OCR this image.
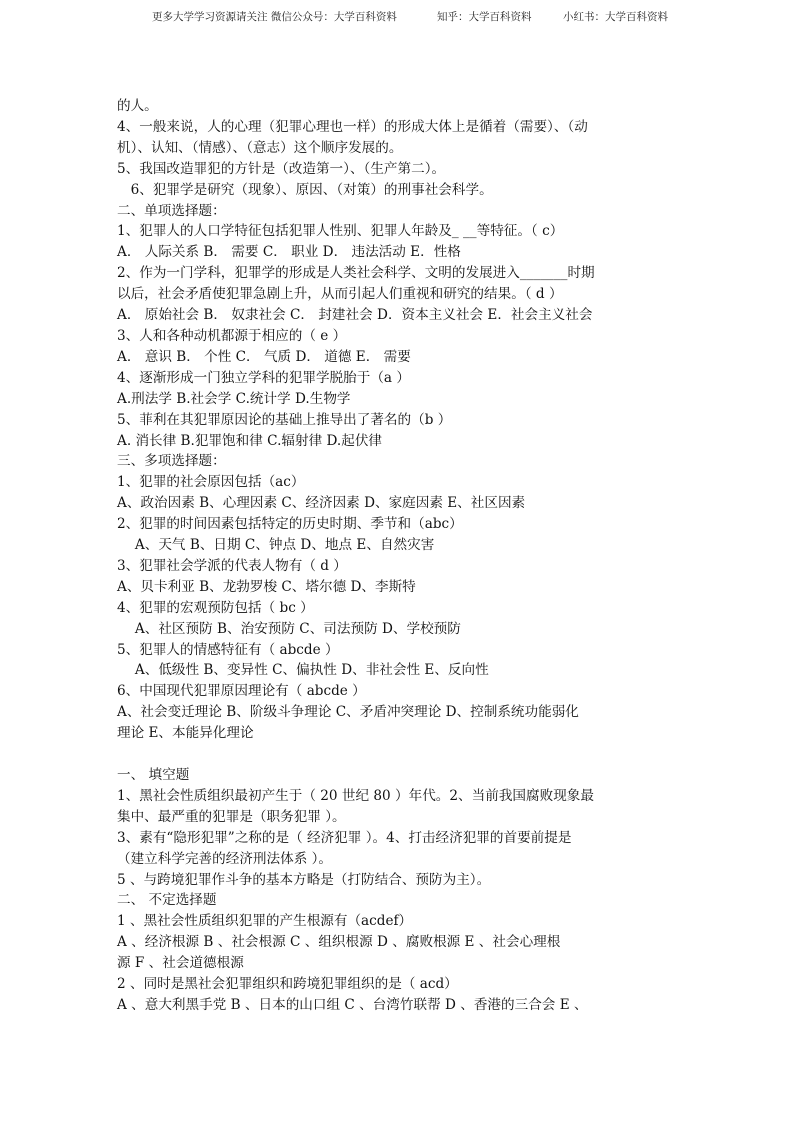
更多大学学习资源请关注 微信公众号：大学百科资料	知乎：大学百科资料	小红书：大学百科资料

的人。

4、一般来说，人的心理（犯罪心理也一样）的形成大体上是循着（需要）、（动

机）、认知、（情感）、（意志）这个顺序发展的。

5、我国改造罪犯的方针是（改造第一）、（生产第二）。

　6、犯罪学是研究（现象）、原因、（对策）的刑事社会科学。

二、单项选择题：

1、犯罪人的人口学特征包括犯罪人性别、犯罪人年龄及_ __等特征。（ c）

A． 人际关系 B． 需要 C． 职业 D． 违法活动 E．性格

2、作为一门学科，犯罪学的形成是人类社会科学、文明的发展进入_______时期

以后，社会矛盾使犯罪急剧上升，从而引起人们重视和研究的结果。（ d ）

A． 原始社会 B． 奴隶社会 C． 封建社会 D．资本主义社会 E．社会主义社会

3、人和各种动机都源于相应的（ e ）

A． 意识 B． 个性 C． 气质 D． 道德 E． 需要

4、逐渐形成一门独立学科的犯罪学脱胎于（a ）

A.刑法学 B.社会学 C.统计学 D.生物学

5、菲利在其犯罪原因论的基础上推导出了著名的（b ）

A. 消长律 B.犯罪饱和律 C.辐射律 D.起伏律

三、多项选择题：

1、犯罪的社会原因包括（ac）

A、政治因素 B、心理因素 C、经济因素 D、家庭因素 E、社区因素

2、犯罪的时间因素包括特定的历史时期、季节和（abc）

　 A、天气 B、日期 C、钟点 D、地点 E、自然灾害

3、犯罪社会学派的代表人物有（ d ）

A、贝卡利亚 B、龙勃罗梭 C、塔尔德 D、李斯特

4、犯罪的宏观预防包括（ bc ）

　 A、社区预防 B、治安预防 C、司法预防 D、学校预防

5、犯罪人的情感特征有（ abcde ）

　 A、低级性 B、变异性 C、偏执性 D、非社会性 E、反向性

6、中国现代犯罪原因理论有（ abcde ）

A、社会变迁理论 B、阶级斗争理论 C、矛盾冲突理论 D、控制系统功能弱化

理论 E、本能异化理论

一、 填空题

1、黑社会性质组织最初产生于（ 20 世纪 80 ）年代。2、当前我国腐败现象最

集中、最严重的犯罪是（职务犯罪 ）。

3、素有“隐形犯罪”之称的是（ 经济犯罪 ）。4、打击经济犯罪的首要前提是

（建立科学完善的经济刑法体系 ）。

5 、与跨境犯罪作斗争的基本方略是（打防结合、预防为主）。

二、 不定选择题

1 、黑社会性质组织犯罪的产生根源有（acdef）

A 、经济根源 B 、社会根源 C 、组织根源 D 、腐败根源 E 、社会心理根

源 F 、社会道德根源

2 、同时是黑社会犯罪组织和跨境犯罪组织的是（ acd）

A 、意大利黑手党 B 、日本的山口组 C 、台湾竹联帮 D 、香港的三合会 E 、
